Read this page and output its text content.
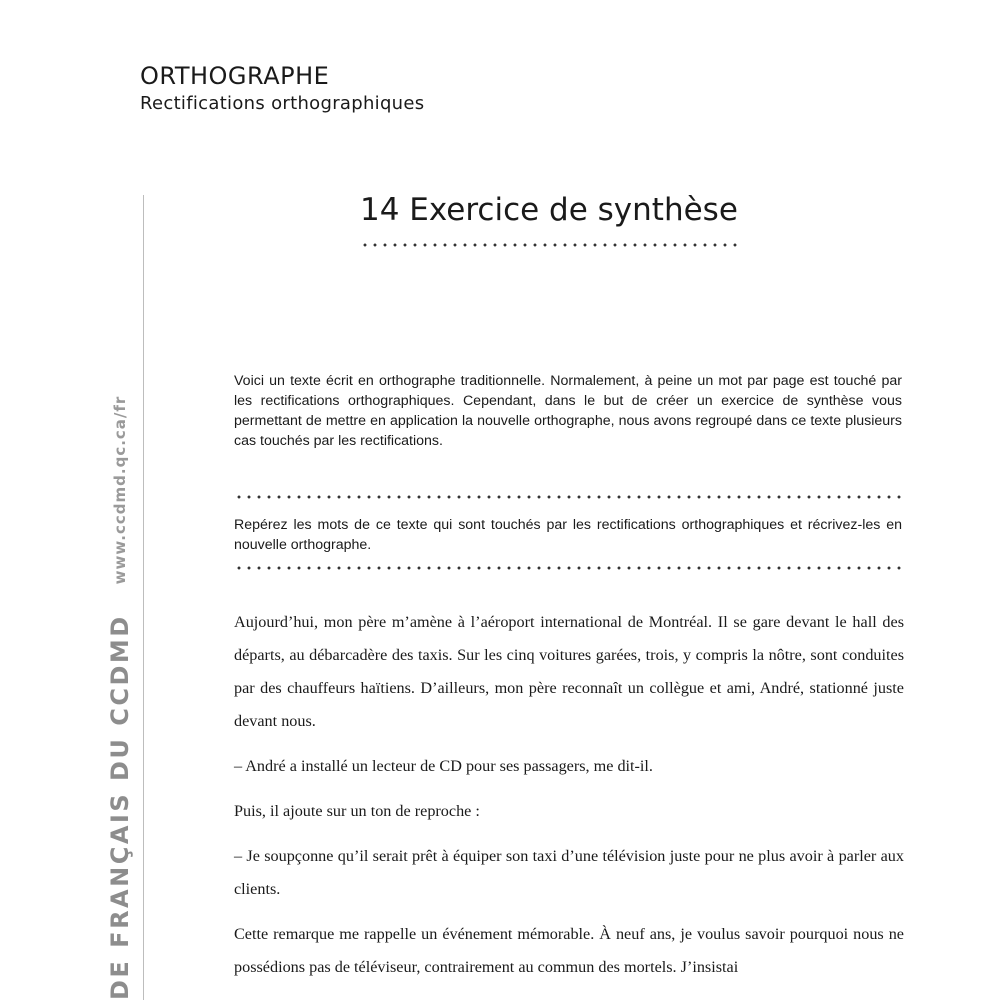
ORTHOGRAPHE
Rectifications orthographiques
DE FRANÇAIS DU CCDMD
www.ccdmd.qc.ca/fr
14 Exercice de synthèse
Voici un texte écrit en orthographe traditionnelle. Normalement, à peine un mot par page est touché par les rectifications orthographiques. Cependant, dans le but de créer un exercice de synthèse vous permettant de mettre en application la nouvelle orthographe, nous avons regroupé dans ce texte plusieurs cas touchés par les rectifications.
Repérez les mots de ce texte qui sont touchés par les rectifications orthographiques et récrivez-les en nouvelle orthographe.

Aujourd’hui, mon père m’amène à l’aéroport international de Montréal. Il se gare devant le hall des départs, au débarcadère des taxis. Sur les cinq voitures garées, trois, y compris la nôtre, sont conduites par des chauffeurs haïtiens. D’ailleurs, mon père reconnaît un collègue et ami, André, stationné juste devant nous.

– André a installé un lecteur de CD pour ses passagers, me dit-il.

Puis, il ajoute sur un ton de reproche :

– Je soupçonne qu’il serait prêt à équiper son taxi d’une télévision juste pour ne plus avoir à parler aux clients.

Cette remarque me rappelle un événement mémorable. À neuf ans, je voulus savoir pourquoi nous ne possédions pas de téléviseur, contrairement au commun des mortels. J’insistai
